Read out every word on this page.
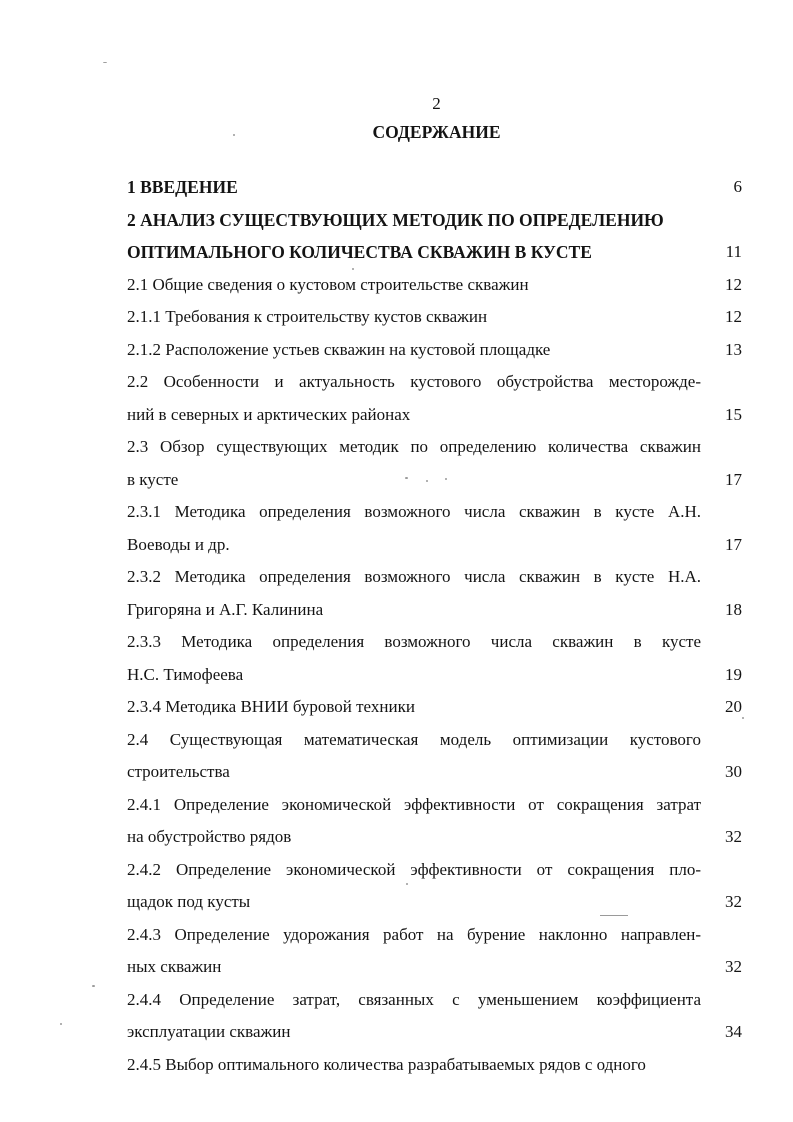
2
СОДЕРЖАНИЕ
1 ВВЕДЕНИЕ	6
2 АНАЛИЗ СУЩЕСТВУЮЩИХ МЕТОДИК ПО ОПРЕДЕЛЕНИЮ
ОПТИМАЛЬНОГО КОЛИЧЕСТВА СКВАЖИН В КУСТЕ	11
2.1 Общие сведения о кустовом строительстве скважин	12
2.1.1 Требования к строительству кустов скважин	12
2.1.2 Расположение устьев скважин на кустовой площадке	13
2.2 Особенности и актуальность кустового обустройства месторожде-
ний в северных и арктических районах	15
2.3 Обзор существующих методик по определению количества скважин
в кусте	17
2.3.1 Методика определения возможного числа скважин в кусте А.Н.
Воеводы и др.	17
2.3.2 Методика определения возможного числа скважин в кусте Н.А.
Григоряна и А.Г. Калинина	18
2.3.3 Методика определения возможного числа скважин в кусте
Н.С. Тимофеева	19
2.3.4 Методика ВНИИ буровой техники	20
2.4 Существующая математическая модель оптимизации кустового
строительства	30
2.4.1 Определение экономической эффективности от сокращения затрат
на обустройство рядов	32
2.4.2 Определение экономической эффективности от сокращения пло-
щадок под кусты	32
2.4.3 Определение удорожания работ на бурение наклонно направлен-
ных скважин	32
2.4.4 Определение затрат, связанных с уменьшением коэффициента
эксплуатации скважин	34
2.4.5 Выбор оптимального количества разрабатываемых рядов с одного
